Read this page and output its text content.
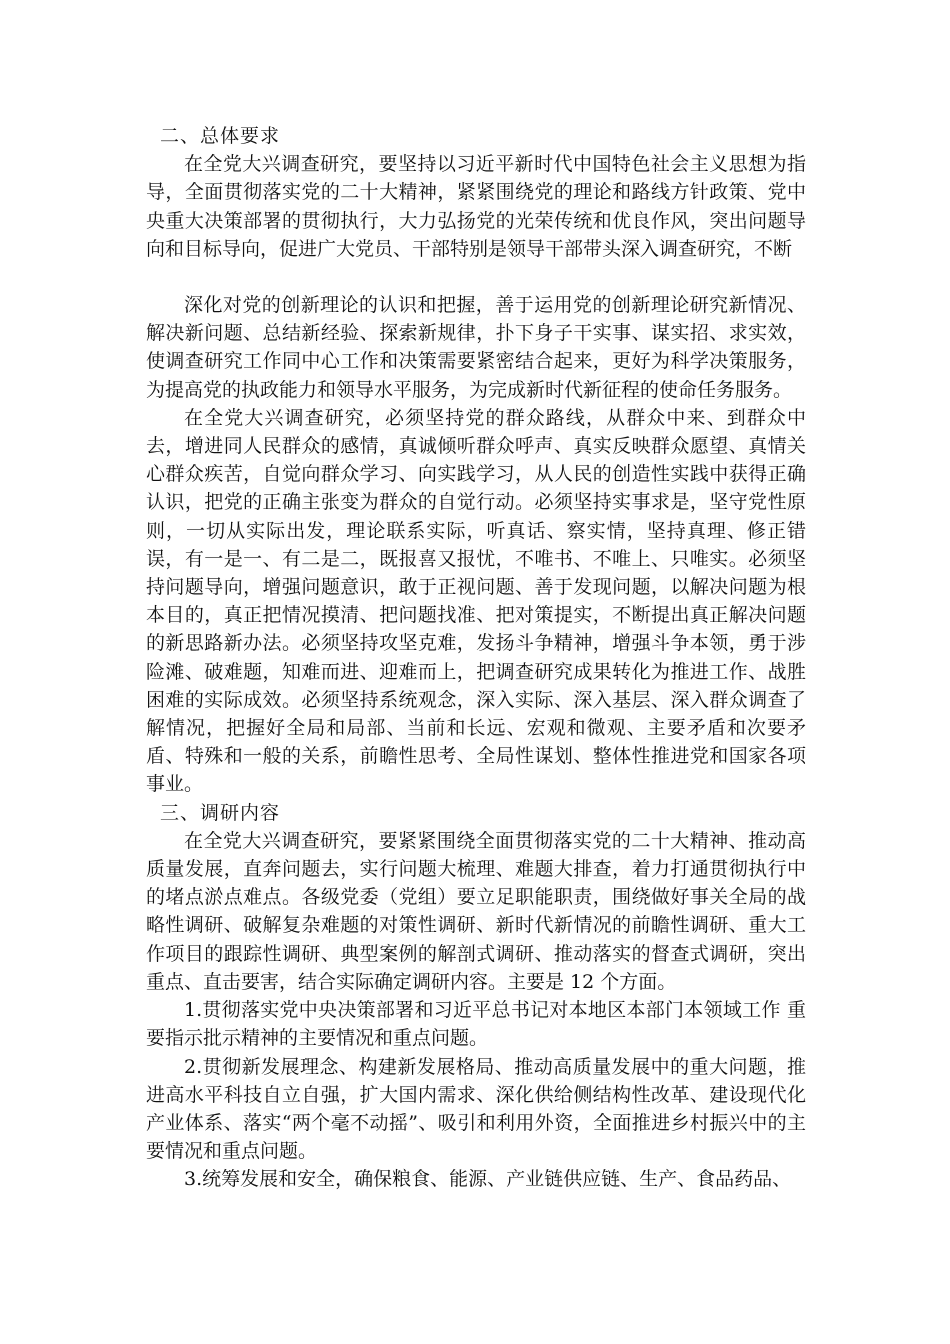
二、总体要求

在全党大兴调查研究，要坚持以习近平新时代中国特色社会主义思想为指导，全面贯彻落实党的二十大精神，紧紧围绕党的理论和路线方针政策、党中央重大决策部署的贯彻执行，大力弘扬党的光荣传统和优良作风，突出问题导向和目标导向，促进广大党员、干部特别是领导干部带头深入调查研究，不断

深化对党的创新理论的认识和把握，善于运用党的创新理论研究新情况、解决新问题、总结新经验、探索新规律，扑下身子干实事、谋实招、求实效，使调查研究工作同中心工作和决策需要紧密结合起来，更好为科学决策服务，为提高党的执政能力和领导水平服务，为完成新时代新征程的使命任务服务。

在全党大兴调查研究，必须坚持党的群众路线，从群众中来、到群众中去，增进同人民群众的感情，真诚倾听群众呼声、真实反映群众愿望、真情关心群众疾苦，自觉向群众学习、向实践学习，从人民的创造性实践中获得正确认识，把党的正确主张变为群众的自觉行动。必须坚持实事求是，坚守党性原则，一切从实际出发，理论联系实际，听真话、察实情，坚持真理、修正错误，有一是一、有二是二，既报喜又报忧，不唯书、不唯上、只唯实。必须坚持问题导向，增强问题意识，敢于正视问题、善于发现问题，以解决问题为根本目的，真正把情况摸清、把问题找准、把对策提实，不断提出真正解决问题的新思路新办法。必须坚持攻坚克难，发扬斗争精神，增强斗争本领，勇于涉险滩、破难题，知难而进、迎难而上，把调查研究成果转化为推进工作、战胜困难的实际成效。必须坚持系统观念，深入实际、深入基层、深入群众调查了解情况，把握好全局和局部、当前和长远、宏观和微观、主要矛盾和次要矛盾、特殊和一般的关系，前瞻性思考、全局性谋划、整体性推进党和国家各项事业。

三、调研内容

在全党大兴调查研究，要紧紧围绕全面贯彻落实党的二十大精神、推动高质量发展，直奔问题去，实行问题大梳理、难题大排查，着力打通贯彻执行中的堵点淤点难点。各级党委（党组）要立足职能职责，围绕做好事关全局的战略性调研、破解复杂难题的对策性调研、新时代新情况的前瞻性调研、重大工作项目的跟踪性调研、典型案例的解剖式调研、推动落实的督查式调研，突出重点、直击要害，结合实际确定调研内容。主要是 12 个方面。

1.贯彻落实党中央决策部署和习近平总书记对本地区本部门本领域工作 重要指示批示精神的主要情况和重点问题。

2.贯彻新发展理念、构建新发展格局、推动高质量发展中的重大问题，推进高水平科技自立自强，扩大国内需求、深化供给侧结构性改革、建设现代化产业体系、落实“两个毫不动摇”、吸引和利用外资，全面推进乡村振兴中的主要情况和重点问题。

3.统筹发展和安全，确保粮食、能源、产业链供应链、生产、食品药品、
